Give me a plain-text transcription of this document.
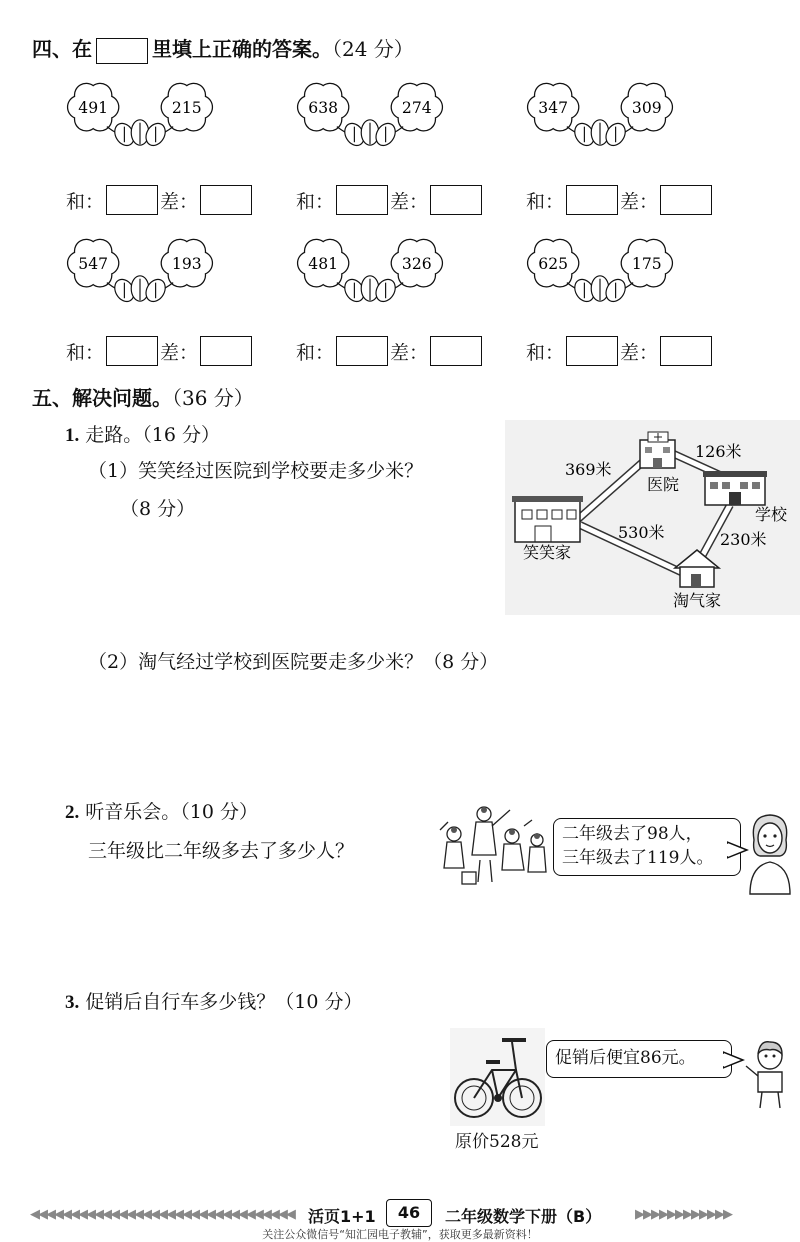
四、在	里填上正确的答案。（24 分）
491	215
和：	差：
638	274
和：	差：
347	309
和：	差：
547	193
和：	差：
481	326
和：	差：
625	175
和：	差：
五、解决问题。（36 分）
1. 走路。（16 分）
（1）笑笑经过医院到学校要走多少米？
（8 分）
（2）淘气经过学校到医院要走多少米？（8 分）
369米
126米
530米	230米
医院
学校
笑笑家
淘气家
2. 听音乐会。（10 分）
三年级比二年级多去了多少人？
二年级去了98人，
三年级去了119人。
3. 促销后自行车多少钱？（10 分）
原价528元
促销后便宜86元。
◀◀◀◀◀◀◀◀◀◀◀◀◀◀◀◀◀◀◀◀◀◀◀◀◀◀◀◀◀◀◀◀◀ 活页1+1	46	二年级数学下册（B）	▶▶▶▶▶▶▶▶▶▶▶▶
关注公众微信号“知汇园电子教辅”，获取更多最新资料！
